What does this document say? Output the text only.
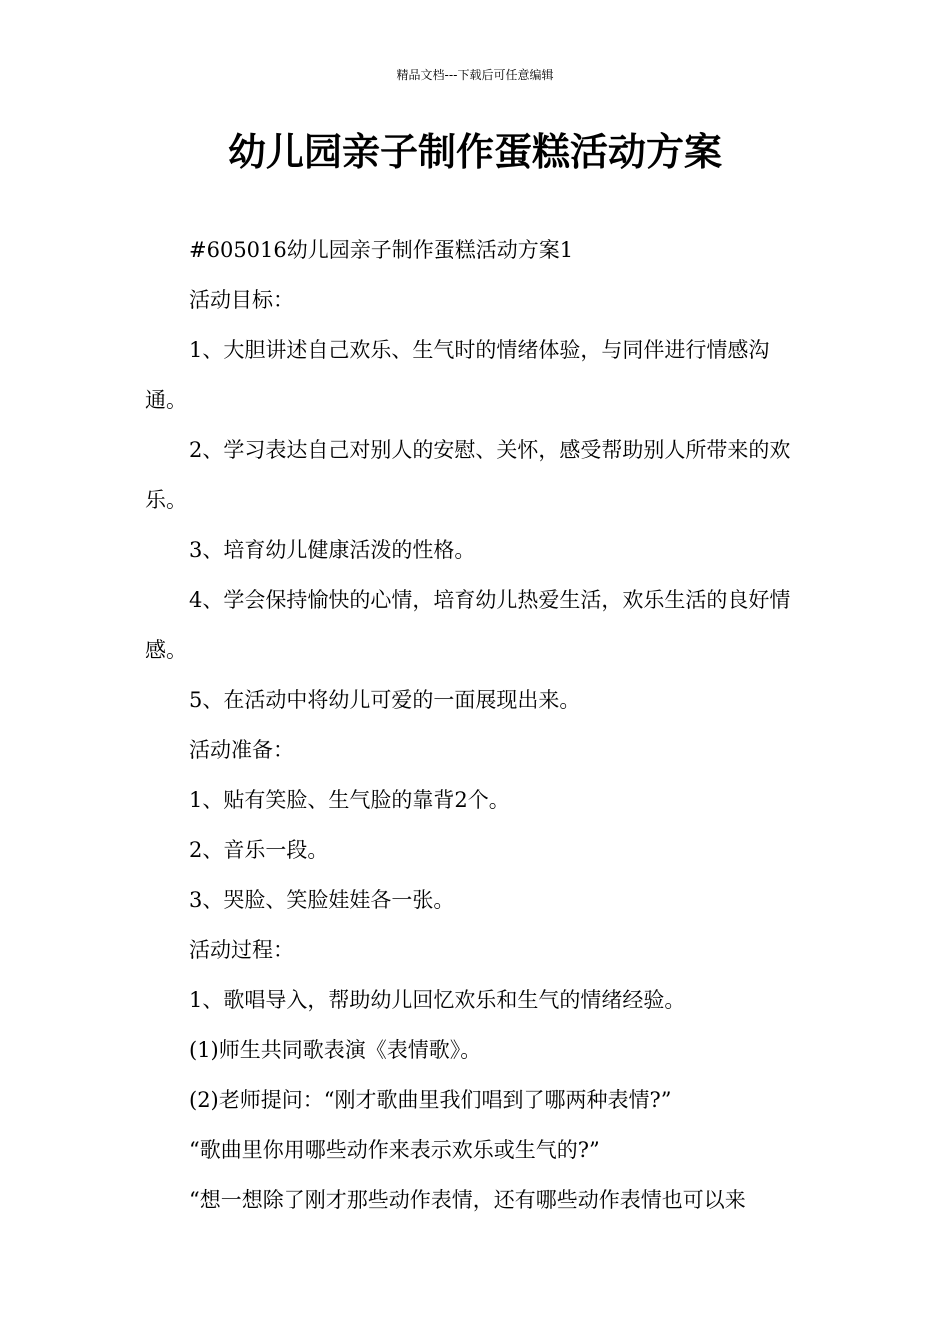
精品文档---下载后可任意编辑
幼儿园亲子制作蛋糕活动方案

#605016幼儿园亲子制作蛋糕活动方案1

活动目标：

1、大胆讲述自己欢乐、生气时的情绪体验，与同伴进行情感沟通。

2、学习表达自己对别人的安慰、关怀，感受帮助别人所带来的欢乐。

3、培育幼儿健康活泼的性格。

4、学会保持愉快的心情，培育幼儿热爱生活，欢乐生活的良好情感。

5、在活动中将幼儿可爱的一面展现出来。

活动准备：

1、贴有笑脸、生气脸的靠背2个。

2、音乐一段。

3、哭脸、笑脸娃娃各一张。

活动过程：

1、歌唱导入，帮助幼儿回忆欢乐和生气的情绪经验。

(1)师生共同歌表演《表情歌》。

(2)老师提问：“刚才歌曲里我们唱到了哪两种表情?”

“歌曲里你用哪些动作来表示欢乐或生气的?”

“想一想除了刚才那些动作表情，还有哪些动作表情也可以来
